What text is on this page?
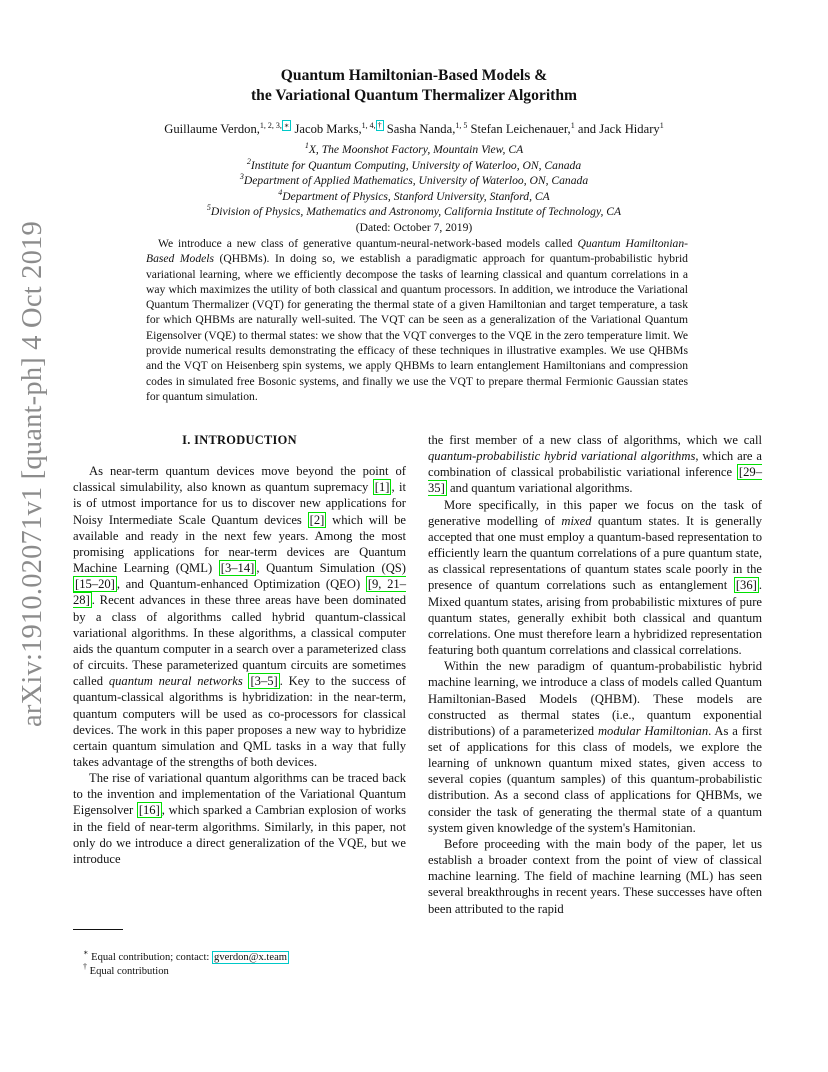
arXiv:1910.02071v1 [quant-ph] 4 Oct 2019
Quantum Hamiltonian-Based Models &
the Variational Quantum Thermalizer Algorithm
Guillaume Verdon,$^{1, 2, 3, ∗}$ Jacob Marks,$^{1, 4, \dagger}$ Sasha Nanda,$^{1, 5}$ Stefan Leichenauer,$^1$ and Jack Hidary$^1$
$^1$X, The Moonshot Factory, Mountain View, CA
$^2$Institute for Quantum Computing, University of Waterloo, ON, Canada
$^3$Department of Applied Mathematics, University of Waterloo, ON, Canada
$^4$Department of Physics, Stanford University, Stanford, CA
$^5$Division of Physics, Mathematics and Astronomy, California Institute of Technology, CA
(Dated: October 7, 2019)
We introduce a new class of generative quantum-neural-network-based models called Quantum Hamiltonian-Based Models (QHBMs). In doing so, we establish a paradigmatic approach for quantum-probabilistic hybrid variational learning, where we efficiently decompose the tasks of learning classical and quantum correlations in a way which maximizes the utility of both classical and quantum processors. In addition, we introduce the Variational Quantum Thermalizer (VQT) for generating the thermal state of a given Hamiltonian and target temperature, a task for which QHBMs are naturally well-suited. The VQT can be seen as a generalization of the Variational Quantum Eigensolver (VQE) to thermal states: we show that the VQT converges to the VQE in the zero temperature limit. We provide numerical results demonstrating the efficacy of these techniques in illustrative examples. We use QHBMs and the VQT on Heisenberg spin systems, we apply QHBMs to learn entanglement Hamiltonians and compression codes in simulated free Bosonic systems, and finally we use the VQT to prepare thermal Fermionic Gaussian states for quantum simulation.
I. INTRODUCTION

As near-term quantum devices move beyond the point of classical simulability, also known as quantum supremacy [1] , it is of utmost importance for us to discover new applications for Noisy Intermediate Scale Quantum devices [2] which will be available and ready in the next few years. Among the most promising applications for near-term devices are Quantum Machine Learning (QML) [3–14] , Quantum Simulation (QS) [15–20] , and Quantum-enhanced Optimization (QEO) [9, 21–28] . Recent advances in these three areas have been dominated by a class of algorithms called hybrid quantum-classical variational algorithms. In these algorithms, a classical computer aids the quantum computer in a search over a parameterized class of circuits. These parameterized quantum circuits are sometimes called quantum neural networks [3–5] . Key to the success of quantum-classical algorithms is hybridization: in the near-term, quantum computers will be used as co-processors for classical devices. The work in this paper proposes a new way to hybridize certain quantum simulation and QML tasks in a way that fully takes advantage of the strengths of both devices.

The rise of variational quantum algorithms can be traced back to the invention and implementation of the Variational Quantum Eigensolver [16] , which sparked a Cambrian explosion of works in the field of near-term algorithms. Similarly, in this paper, not only do we introduce a direct generalization of the VQE, but we introduce

the first member of a new class of algorithms, which we call quantum-probabilistic hybrid variational algorithms, which are a combination of classical probabilistic variational inference [29–35] and quantum variational algorithms.

More specifically, in this paper we focus on the task of generative modelling of mixed quantum states. It is generally accepted that one must employ a quantum-based representation to efficiently learn the quantum correlations of a pure quantum state, as classical representations of quantum states scale poorly in the presence of quantum correlations such as entanglement [36] . Mixed quantum states, arising from probabilistic mixtures of pure quantum states, generally exhibit both classical and quantum correlations. One must therefore learn a hybridized representation featuring both quantum correlations and classical correlations.

Within the new paradigm of quantum-probabilistic hybrid machine learning, we introduce a class of models called Quantum Hamiltonian-Based Models (QHBM). These models are constructed as thermal states (i.e., quantum exponential distributions) of a parameterized modular Hamiltonian. As a first set of applications for this class of models, we explore the learning of unknown quantum mixed states, given access to several copies (quantum samples) of this quantum-probabilistic distribution. As a second class of applications for QHBMs, we consider the task of generating the thermal state of a quantum system given knowledge of the system's Hamitonian.

Before proceeding with the main body of the paper, let us establish a broader context from the point of view of classical machine learning. The field of machine learning (ML) has seen several breakthroughs in recent years. These successes have often been attributed to the rapid

∗ Equal contribution; contact: gverdon@x.team
† Equal contribution
